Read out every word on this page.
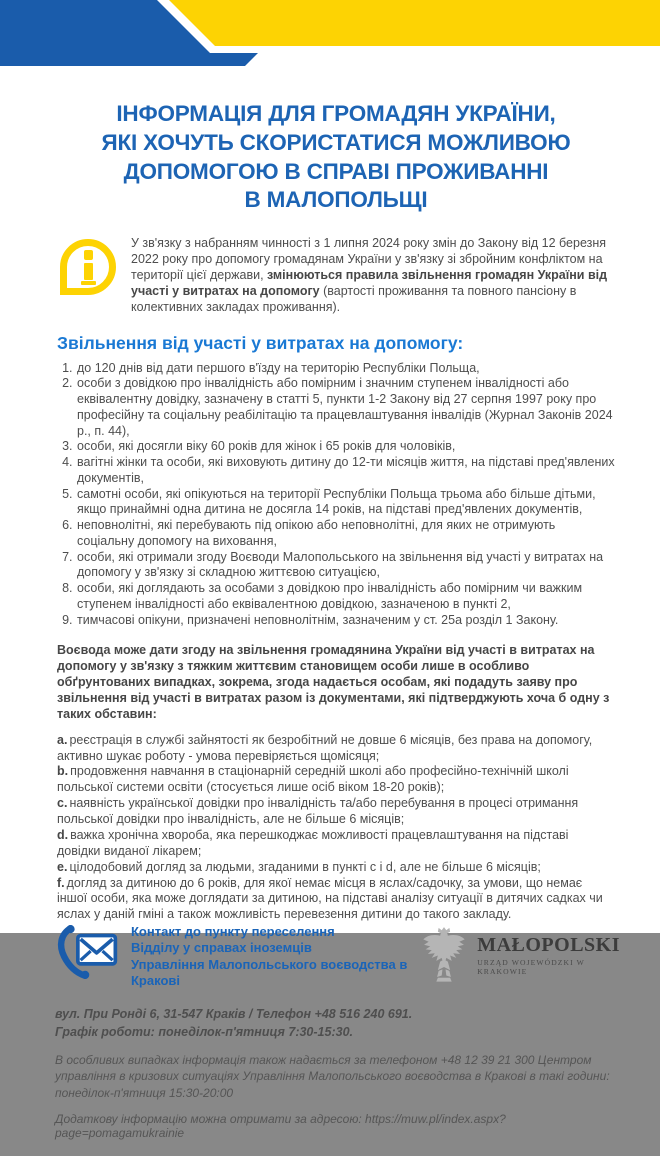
ІНФОРМАЦІЯ ДЛЯ ГРОМАДЯН УКРАЇНИ,
ЯКІ ХОЧУТЬ СКОРИСТАТИСЯ МОЖЛИВОЮ
ДОПОМОГОЮ В СПРАВІ ПРОЖИВАННІ
В МАЛОПОЛЬЩІ

У зв'язку з набранням чинності з 1 липня 2024 року змін до Закону від 12 березня 2022 року про допомогу громадянам України у зв'язку зі збройним конфліктом на території цієї держави, змінюються правила звільнення громадян України від участі у витратах на допомогу (вартості проживання та повного пансіону в колективних закладах проживання).

Звільнення від участі у витратах на допомогу:
1. до 120 днів від дати першого в'їзду на територію Республіки Польща,
2. особи з довідкою про інвалідність або помірним і значним ступенем інвалідності або еквівалентну довідку, зазначену в статті 5, пункти 1-2 Закону від 27 серпня 1997 року про професійну та соціальну реабілітацію та працевлаштування інвалідів (Журнал Законів 2024 р., п. 44),
3. особи, які досягли віку 60 років для жінок і 65 років для чоловіків,
4. вагітні жінки та особи, які виховують дитину до 12-ти місяців життя, на підставі пред'явлених документів,
5. самотні особи, які опікуються на території Республіки Польща трьома або більше дітьми, якщо принаймні одна дитина не досягла 14 років, на підставі пред'явлених документів,
6. неповнолітні, які перебувають під опікою або неповнолітні, для яких не отримують соціальну допомогу на виховання,
7. особи, які отримали згоду Воєводи Малопольського на звільнення від участі у витратах на допомогу у зв'язку зі складною життєвою ситуацією,
8. особи, які доглядають за особами з довідкою про інвалідність або помірним чи важким ступенем інвалідності або еквівалентною довідкою, зазначеною в пункті 2,
9. тимчасові опікуни, призначені неповнолітнім, зазначеним у ст. 25а розділ 1 Закону.

Воєвода може дати згоду на звільнення громадянина України від участі в витратах на допомогу у зв'язку з тяжким життєвим становищем особи лише в особливо обґрунтованих випадках, зокрема, згода надається особам, які подадуть заяву про звільнення від участі в витратах разом із документами, які підтверджують хоча б одну з таких обставин:

a. реєстрація в службі зайнятості як безробітний не довше 6 місяців, без права на допомогу, активно шукає роботу - умова перевіряється щомісяця;

b. продовження навчання в стаціонарній середній школі або професійно-технічній школі польської системи освіти (стосується лише осіб віком 18-20 років);

c. наявність української довідки про інвалідність та/або перебування в процесі отримання польської довідки про інвалідність, але не більше 6 місяців;

d. важка хронічна хвороба, яка перешкоджає можливості працевлаштування на підставі довідки виданої лікарем;

e. цілодобовий догляд за людьми, згаданими в пункті c і d, але не більше 6 місяців;

f. догляд за дитиною до 6 років, для якої немає міcця в яслах/садочку, за умови, що немає іншої особи, яка може доглядати за дитиною, на підставі аналізу ситуації в дитячих садках чи яслах у даній гміні а також можливість перевезення дитини до такого закладу.

Контакт до пункту переселення
Відділу у справах іноземців
Управління Малопольського воєводства в Кракові
MAŁOPOLSKI
URZĄD WOJEWÓDZKI W KRAKOWIE
вул. При Ронді 6, 31-547 Краків / Телефон +48 516 240 691.
Графік роботи: понеділок-п'ятниця 7:30-15:30.

В особливих випадках інформація також надається за телефоном +48 12 39 21 300 Центром управління в кризових ситуаціях Управління Малопольського воєводства в Кракові в такі години: понеділок-п'ятниця 15:30-20:00

Додаткову інформацію можна отримати за адресою: https://muw.pl/index.aspx?page=pomagamukrainie
